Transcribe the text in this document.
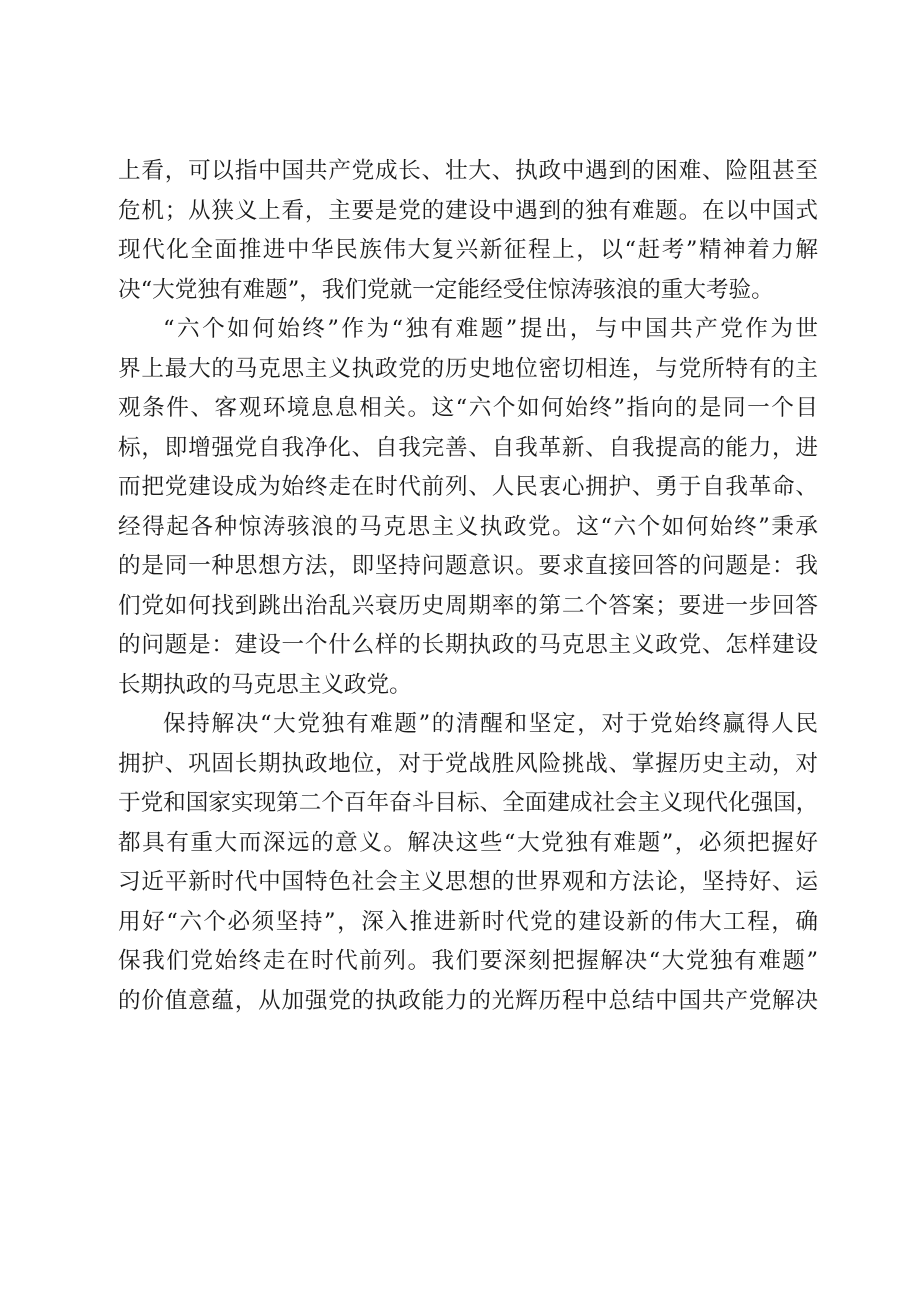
上看，可以指中国共产党成长、壮大、执政中遇到的困难、险阻甚至
危机；从狭义上看，主要是党的建设中遇到的独有难题。在以中国式
现代化全面推进中华民族伟大复兴新征程上，以“赶考”精神着力解
决“大党独有难题”，我们党就一定能经受住惊涛骇浪的重大考验。
“六个如何始终”作为“独有难题”提出，与中国共产党作为世
界上最大的马克思主义执政党的历史地位密切相连，与党所特有的主
观条件、客观环境息息相关。这“六个如何始终”指向的是同一个目
标，即增强党自我净化、自我完善、自我革新、自我提高的能力，进
而把党建设成为始终走在时代前列、人民衷心拥护、勇于自我革命、
经得起各种惊涛骇浪的马克思主义执政党。这“六个如何始终”秉承
的是同一种思想方法，即坚持问题意识。要求直接回答的问题是：我
们党如何找到跳出治乱兴衰历史周期率的第二个答案；要进一步回答
的问题是：建设一个什么样的长期执政的马克思主义政党、怎样建设
长期执政的马克思主义政党。
保持解决“大党独有难题”的清醒和坚定，对于党始终赢得人民
拥护、巩固长期执政地位，对于党战胜风险挑战、掌握历史主动，对
于党和国家实现第二个百年奋斗目标、全面建成社会主义现代化强国，
都具有重大而深远的意义。解决这些“大党独有难题”，必须把握好
习近平新时代中国特色社会主义思想的世界观和方法论，坚持好、运
用好“六个必须坚持”，深入推进新时代党的建设新的伟大工程，确
保我们党始终走在时代前列。我们要深刻把握解决“大党独有难题”
的价值意蕴，从加强党的执政能力的光辉历程中总结中国共产党解决
